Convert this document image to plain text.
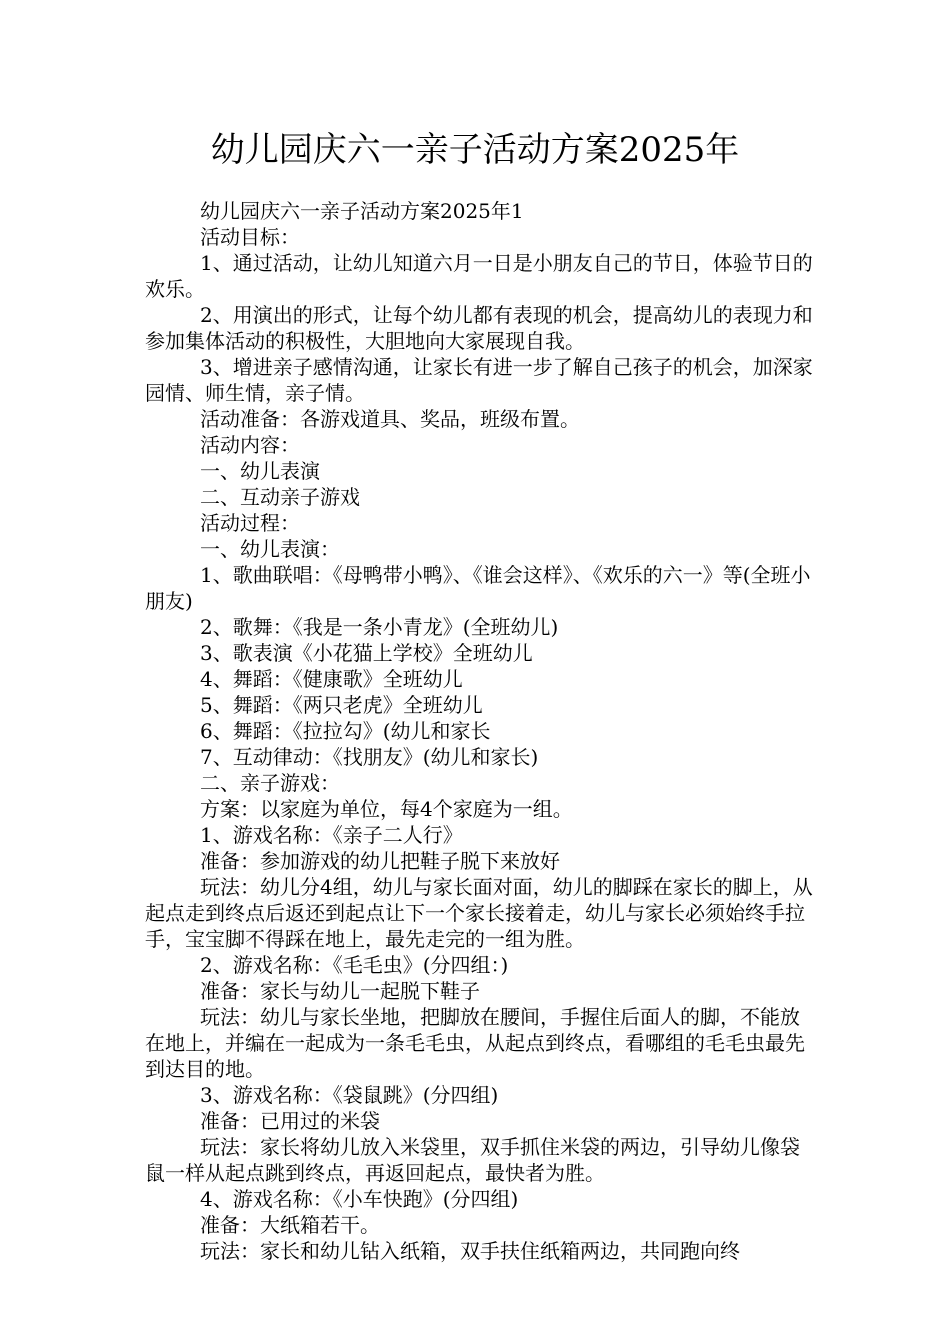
幼儿园庆六一亲子活动方案2025年

幼儿园庆六一亲子活动方案2025年1

活动目标：

1、通过活动，让幼儿知道六月一日是小朋友自己的节日，体验节日的欢乐。

2、用演出的形式，让每个幼儿都有表现的机会，提高幼儿的表现力和参加集体活动的积极性，大胆地向大家展现自我。

3、增进亲子感情沟通，让家长有进一步了解自己孩子的机会，加深家园情、师生情，亲子情。

活动准备：各游戏道具、奖品，班级布置。

活动内容：

一、幼儿表演

二、互动亲子游戏

活动过程：

一、幼儿表演：

1、歌曲联唱：《母鸭带小鸭》、《谁会这样》、《欢乐的六一》等(全班小朋友)

2、歌舞：《我是一条小青龙》(全班幼儿)

3、歌表演《小花猫上学校》全班幼儿

4、舞蹈：《健康歌》全班幼儿

5、舞蹈：《两只老虎》全班幼儿

6、舞蹈：《拉拉勾》(幼儿和家长

7、互动律动：《找朋友》(幼儿和家长)

二、亲子游戏：

方案：以家庭为单位，每4个家庭为一组。

1、游戏名称：《亲子二人行》

准备：参加游戏的幼儿把鞋子脱下来放好

玩法：幼儿分4组，幼儿与家长面对面，幼儿的脚踩在家长的脚上，从起点走到终点后返还到起点让下一个家长接着走，幼儿与家长必须始终手拉手，宝宝脚不得踩在地上，最先走完的一组为胜。

2、游戏名称：《毛毛虫》(分四组：)

准备：家长与幼儿一起脱下鞋子

玩法：幼儿与家长坐地，把脚放在腰间，手握住后面人的脚，不能放在地上，并编在一起成为一条毛毛虫，从起点到终点，看哪组的毛毛虫最先到达目的地。

3、游戏名称：《袋鼠跳》(分四组)

准备：已用过的米袋

玩法：家长将幼儿放入米袋里，双手抓住米袋的两边，引导幼儿像袋鼠一样从起点跳到终点，再返回起点，最快者为胜。

4、游戏名称：《小车快跑》(分四组)

准备：大纸箱若干。

玩法：家长和幼儿钻入纸箱，双手扶住纸箱两边，共同跑向终
